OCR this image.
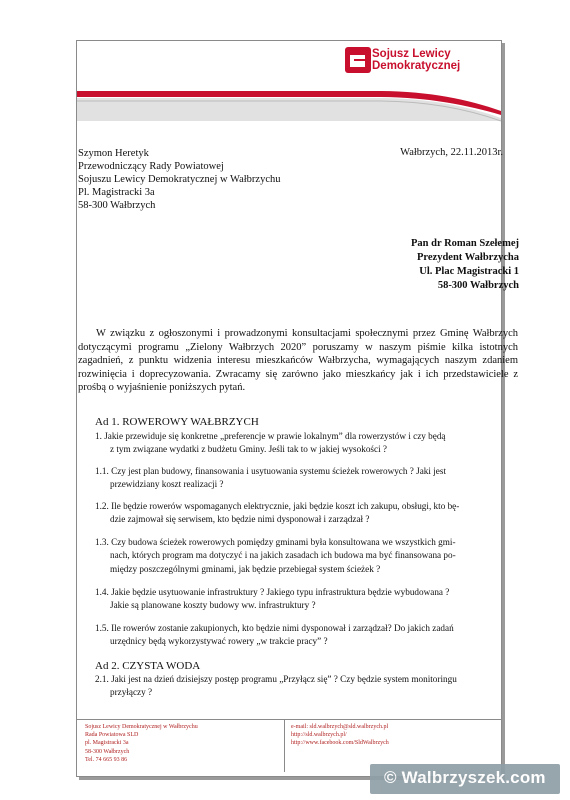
Sojusz Lewicy
Demokratycznej
Szymon Heretyk
Przewodniczący Rady Powiatowej
Sojuszu Lewicy Demokratycznej w Wałbrzychu
Pl. Magistracki 3a
58-300 Wałbrzych
Wałbrzych, 22.11.2013r.
Pan dr Roman Szełemej
Prezydent Wałbrzycha
Ul. Plac Magistracki 1
58-300 Wałbrzych
W związku z ogłoszonymi i prowadzonymi konsultacjami społecznymi przez Gminę Wałbrzych dotyczącymi programu „Zielony Wałbrzych 2020” poruszamy w naszym piśmie kilka istotnych zagadnień, z punktu widzenia interesu mieszkańców Wałbrzycha, wymagających naszym zdaniem rozwinięcia i doprecyzowania. Zwracamy się zarówno jako mieszkańcy jak i ich przedstawiciele z prośbą o wyjaśnienie poniższych pytań.
Ad 1. ROWEROWY WAŁBRZYCH
1. Jakie przewiduje się konkretne „preferencje w prawie lokalnym” dla rowerzystów i czy będą
z tym związane wydatki z budżetu Gminy. Jeśli tak to w jakiej wysokości ?
1.1. Czy jest plan budowy, finansowania i usytuowania systemu ścieżek rowerowych ? Jaki jest
przewidziany koszt realizacji ?
1.2. Ile będzie rowerów wspomaganych elektrycznie, jaki będzie koszt ich zakupu, obsługi, kto bę-
dzie zajmował się serwisem, kto będzie nimi dysponował i zarządzał ?
1.3. Czy budowa ścieżek rowerowych pomiędzy gminami była konsultowana we wszystkich gmi-
nach, których program ma dotyczyć i na jakich zasadach ich budowa ma być finansowana po-
między poszczególnymi gminami, jak będzie przebiegał system ścieżek ?
1.4. Jakie będzie usytuowanie infrastruktury ? Jakiego typu infrastruktura będzie wybudowana ?
Jakie są planowane koszty budowy ww. infrastruktury ?
1.5. Ile rowerów zostanie zakupionych, kto będzie nimi dysponował i zarządzał? Do jakich zadań
urzędnicy będą wykorzystywać rowery „w trakcie pracy” ?
Ad 2. CZYSTA WODA
2.1. Jaki jest na dzień dzisiejszy postęp programu „Przyłącz się” ? Czy będzie system monitoringu
przyłączy ?
Sojusz Lewicy Demokratycznej w Wałbrzychu
Rada Powiatowa SLD
pl. Magistracki 3a
58-300 Wałbrzych
Tel. 74 665 93 86
e-mail: sld.walbrzych@sld.walbrzych.pl
http://sld.walbrzych.pl/
http://www.facebook.com/SldWalbrzych
© Walbrzyszek.com
